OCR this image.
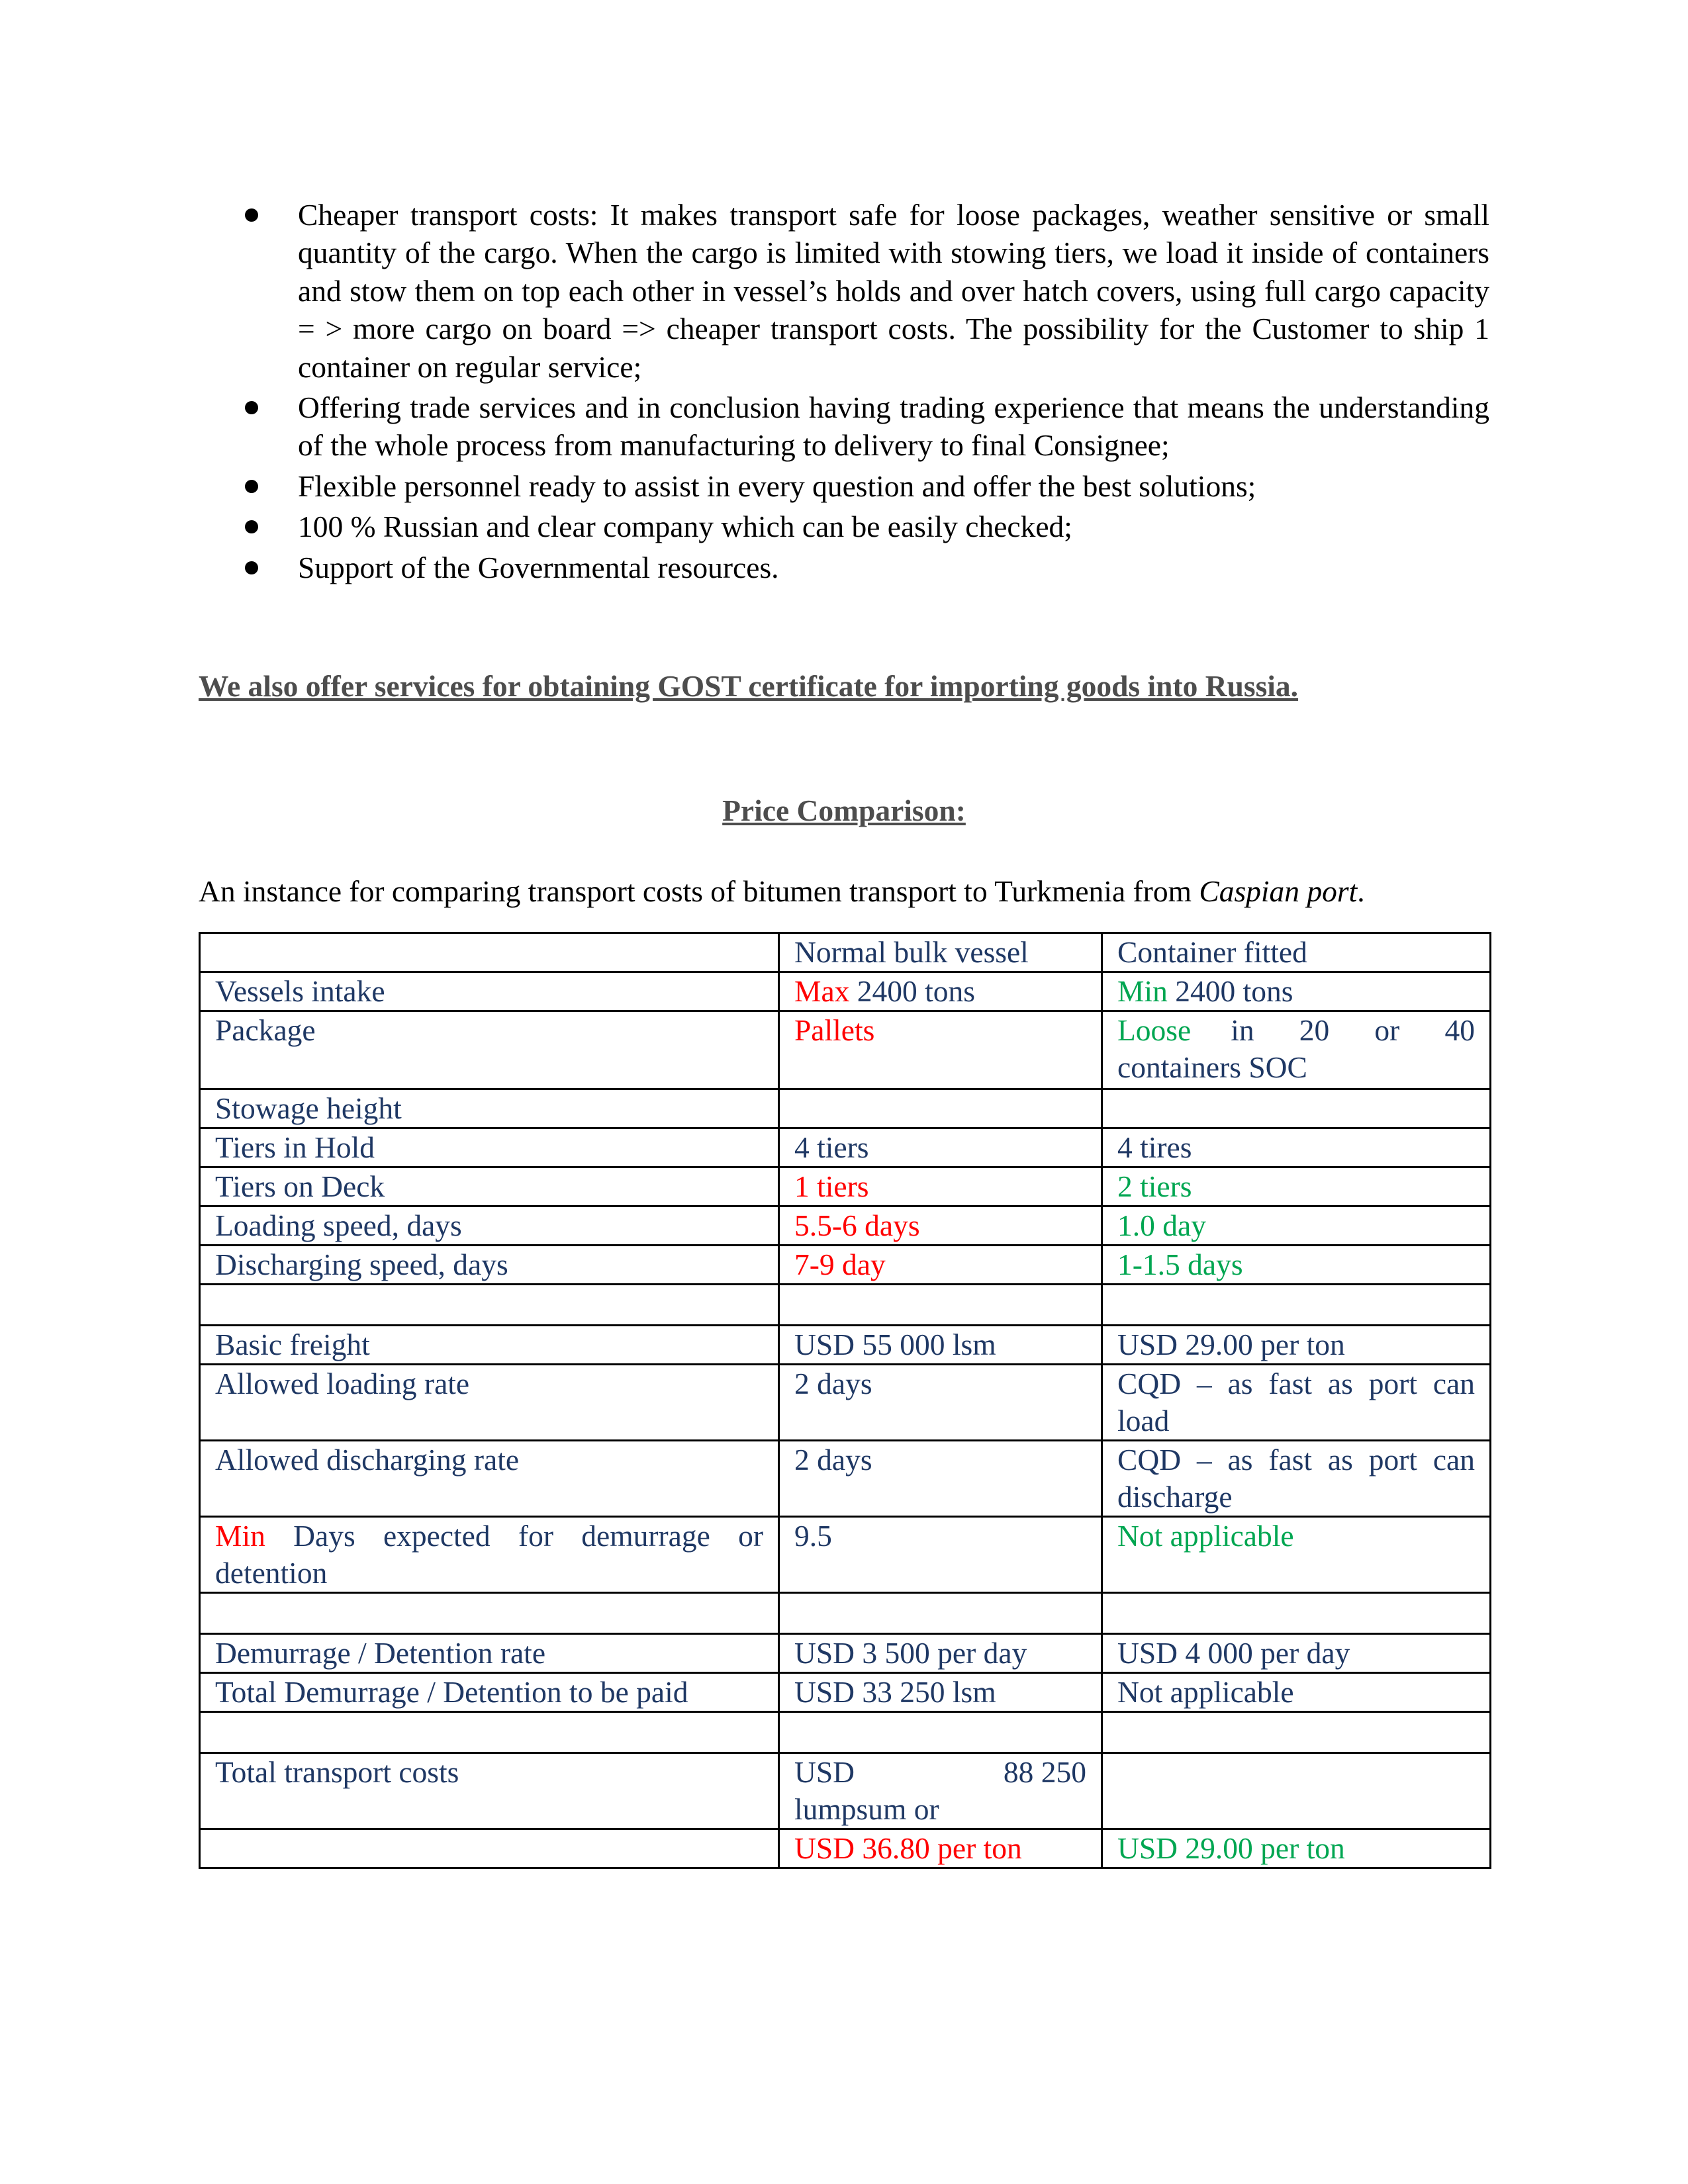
Cheaper transport costs: It makes transport safe for loose packages, weather sensitive or small quantity of the cargo. When the cargo is limited with stowing tiers, we load it inside of containers and stow them on top each other in vessel’s holds and over hatch covers, using full cargo capacity = > more cargo on board => cheaper transport costs. The possibility for the Customer to ship 1 container on regular service;
Offering trade services and in conclusion having trading experience that means the understanding of the whole process from manufacturing to delivery to final Consignee;
Flexible personnel ready to assist in every question and offer the best solutions;
100 % Russian and clear company which can be easily checked;
Support of the Governmental resources.
We also offer services for obtaining GOST certificate for importing goods into Russia.
Price Comparison:
An instance for comparing transport costs of bitumen transport to Turkmenia from Caspian port.
	Normal bulk vessel	Container fitted
Vessels intake	Max 2400 tons	Min 2400 tons
Package	Pallets	Loose in 20 or 40
containers SOC

Stowage height		
Tiers in Hold	4 tiers	4 tires
Tiers on Deck	1 tiers	2 tiers
Loading speed, days	5.5-6 days	1.0 day
Discharging speed, days	7-9 day	1-1.5 days

Basic freight	USD 55 000 lsm	USD 29.00 per ton
Allowed loading rate	2 days	CQD – as fast as port can load
Allowed discharging rate	2 days	CQD – as fast as port can discharge
Min Days expected for demurrage or detention	9.5	Not applicable

Demurrage / Detention rate	USD 3 500 per day	USD 4 000 per day
Total Demurrage / Detention to be paid	USD 33 250 lsm	Not applicable

Total transport costs	USD 88 250
lumpsum or	

	USD 36.80 per ton	USD 29.00 per ton
